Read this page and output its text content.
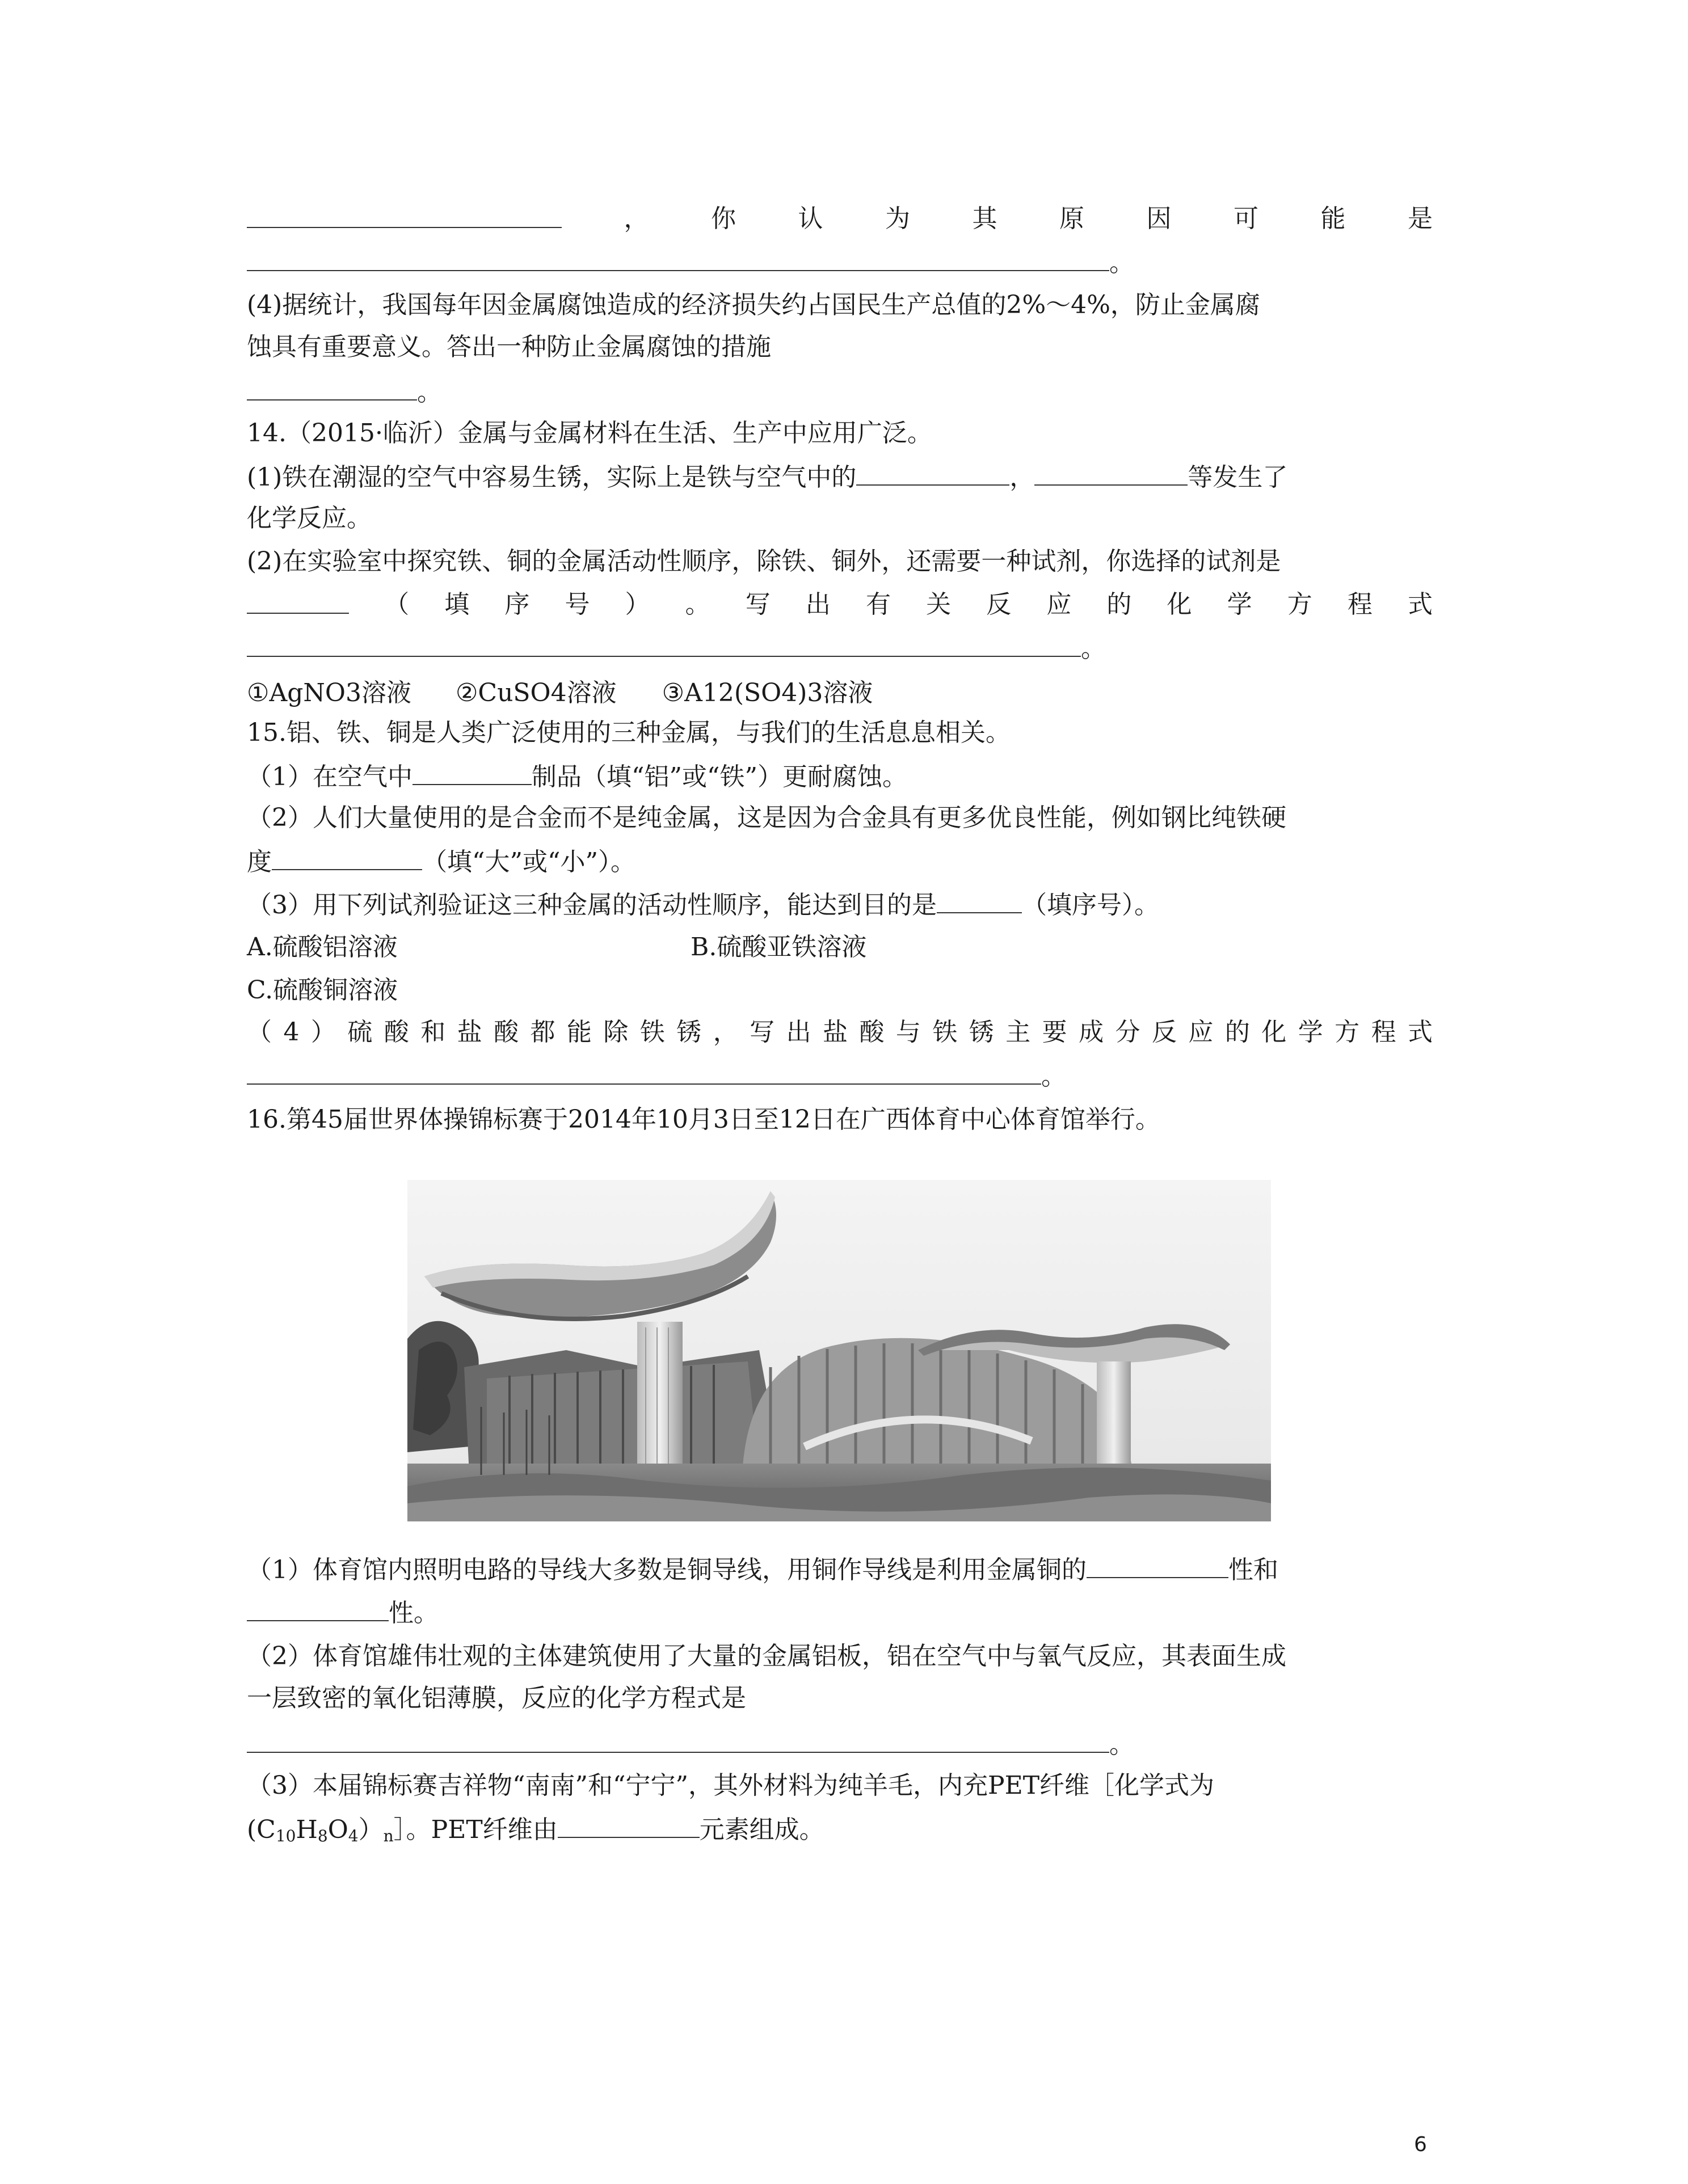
， 你 认 为 其 原 因 可 能 是
。
(4)据统计，我国每年因金属腐蚀造成的经济损失约占国民生产总值的2%～4%，防止金属腐
蚀具有重要意义。答出一种防止金属腐蚀的措施
。
14.（2015·临沂）金属与金属材料在生活、生产中应用广泛。
(1)铁在潮湿的空气中容易生锈，实际上是铁与空气中的	，	等发生了
化学反应。
(2)在实验室中探究铁、铜的金属活动性顺序，除铁、铜外，还需要一种试剂，你选择的试剂是
（ 填 序 号 ） 。 写 出 有 关 反 应 的 化 学 方 程 式
。
①AgNO3溶液 ②CuSO4溶液 ③A12(SO4)3溶液
15.铝、铁、铜是人类广泛使用的三种金属，与我们的生活息息相关。
（1）在空气中	制品（填“铝”或“铁”）更耐腐蚀。
（2）人们大量使用的是合金而不是纯金属，这是因为合金具有更多优良性能，例如钢比纯铁硬
度	（填“大”或“小”）。
（3）用下列试剂验证这三种金属的活动性顺序，能达到目的是	（填序号）。
A.硫酸铝溶液	B.硫酸亚铁溶液
C.硫酸铜溶液
（ 4 ） 硫 酸 和 盐 酸 都 能 除 铁 锈 ， 写 出 盐 酸 与 铁 锈 主 要 成 分 反 应 的 化 学 方 程 式
。
16.第45届世界体操锦标赛于2014年10月3日至12日在广西体育中心体育馆举行。
（1）体育馆内照明电路的导线大多数是铜导线，用铜作导线是利用金属铜的	性和
性。
（2）体育馆雄伟壮观的主体建筑使用了大量的金属铝板，铝在空气中与氧气反应，其表面生成
一层致密的氧化铝薄膜，反应的化学方程式是
。
（3）本届锦标赛吉祥物“南南”和“宁宁”，其外材料为纯羊毛，内充PET纤维［化学式为
$(C_{10}H_8O_4)_n]$。PET纤维由	元素组成。
6
